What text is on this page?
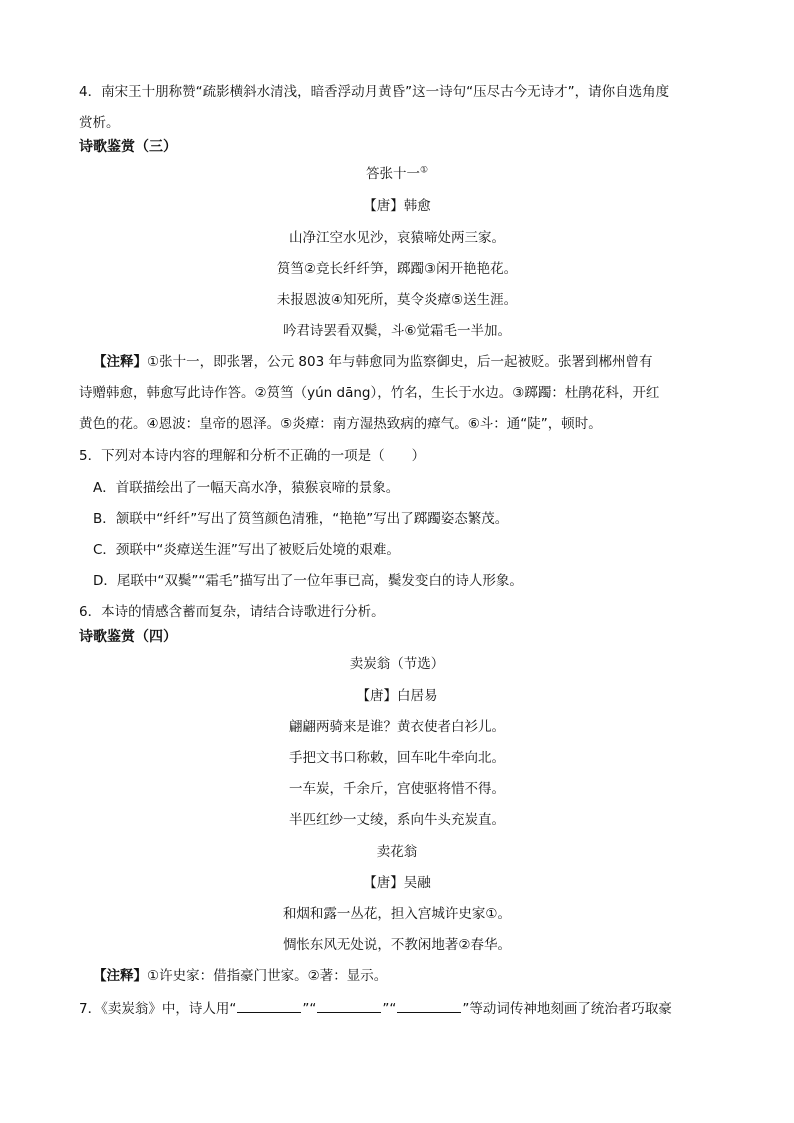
4．南宋王十朋称赞“疏影横斜水清浅，暗香浮动月黄昏”这一诗句“压尽古今无诗才”，请你自选角度
赏析。
诗歌鉴赏（三）
答张十一①
【唐】韩愈
山净江空水见沙，哀猿啼处两三家。
筼筜②竞长纤纤笋，踯躅③闲开艳艳花。
未报恩波④知死所，莫令炎瘴⑤送生涯。
吟君诗罢看双鬓，斗⑥觉霜毛一半加。
【注释】①张十一，即张署，公元 803 年与韩愈同为监察御史，后一起被贬。张署到郴州曾有
诗赠韩愈，韩愈写此诗作答。②筼筜（yún dāng），竹名，生长于水边。③踯躅：杜鹃花科，开红
黄色的花。④恩波：皇帝的恩泽。⑤炎瘴：南方湿热致病的瘴气。⑥斗：通“陡”，顿时。
5．下列对本诗内容的理解和分析不正确的一项是（　　）
A．首联描绘出了一幅天高水净，猿猴哀啼的景象。
B．颔联中“纤纤”写出了筼筜颜色清雅，“艳艳”写出了踯躅姿态繁茂。
C．颈联中“炎瘴送生涯”写出了被贬后处境的艰难。
D．尾联中“双鬓”“霜毛”描写出了一位年事已高，鬓发变白的诗人形象。
6．本诗的情感含蓄而复杂，请结合诗歌进行分析。
诗歌鉴赏（四）
卖炭翁（节选）
【唐】白居易
翩翩两骑来是谁？黄衣使者白衫儿。
手把文书口称敕，回车叱牛牵向北。
一车炭，千余斤，宫使驱将惜不得。
半匹红纱一丈绫，系向牛头充炭直。
卖花翁
【唐】吴融
和烟和露一丛花，担入宫城许史家①。
惆怅东风无处说，不教闲地著②春华。
【注释】①许史家：借指豪门世家。②著：显示。
7．《卖炭翁》中，诗人用“	”“	”“	”等动词传神地刻画了统治者巧取豪
